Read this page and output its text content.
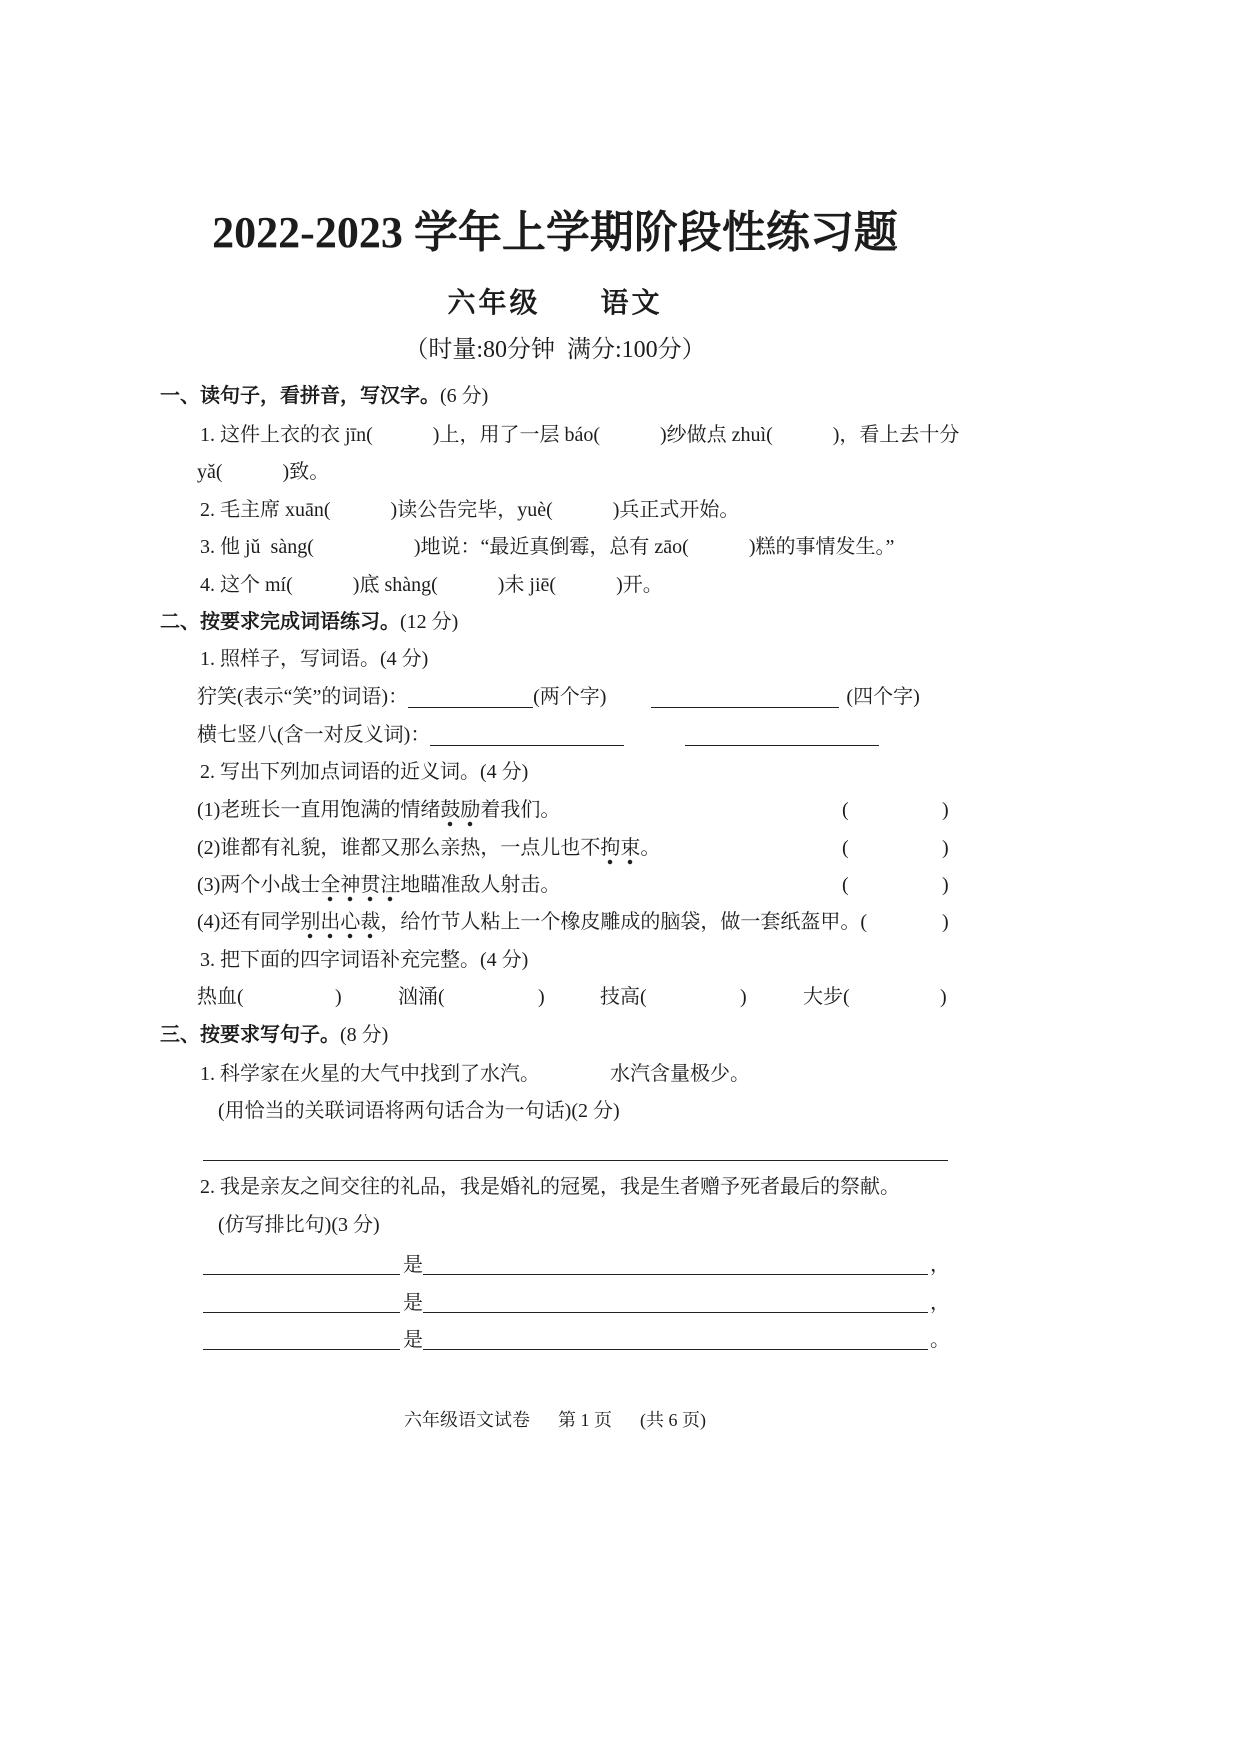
2022-2023 学年上学期阶段性练习题
六年级 语文
（时量:80分钟  满分:100分）
一、读句子，看拼音，写汉字。(6 分)
1. 这件上衣的衣 jīn(	)上，用了一层 báo(	)纱做点 zhuì(	)，看上去十分
yǎ(	)致。
2. 毛主席 xuān(	)读公告完毕，yuè(	)兵正式开始。
3. 他 jǔ  sàng(	)地说：“最近真倒霉，总有 zāo(	)糕的事情发生。”
4. 这个 mí(	)底 shàng(	)未 jiē(	)开。
二、按要求完成词语练习。(12 分)
1. 照样子，写词语。(4 分)
狞笑(表示“笑”的词语)：	(两个字)	(四个字)
横七竖八(含一对反义词)：
2. 写出下列加点词语的近义词。(4 分)
(1)老班长一直用饱满的情绪鼓励着我们。	(	)
(2)谁都有礼貌，谁都又那么亲热，一点儿也不拘束。	(	)
(3)两个小战士全神贯注地瞄准敌人射击。	(	)
(4)还有同学别出心裁，给竹节人粘上一个橡皮雕成的脑袋，做一套纸盔甲。(	)
3. 把下面的四字词语补充完整。(4 分)
热血(	)	汹涌(	)	技高(	)	大步(	)
三、按要求写句子。(8 分)
1. 科学家在火星的大气中找到了水汽。	水汽含量极少。
(用恰当的关联词语将两句话合为一句话)(2 分)
2. 我是亲友之间交往的礼品，我是婚礼的冠冕，我是生者赠予死者最后的祭献。
(仿写排比句)(3 分)
是	，
是	，
是	。
六年级语文试卷 第 1 页 (共 6 页)
